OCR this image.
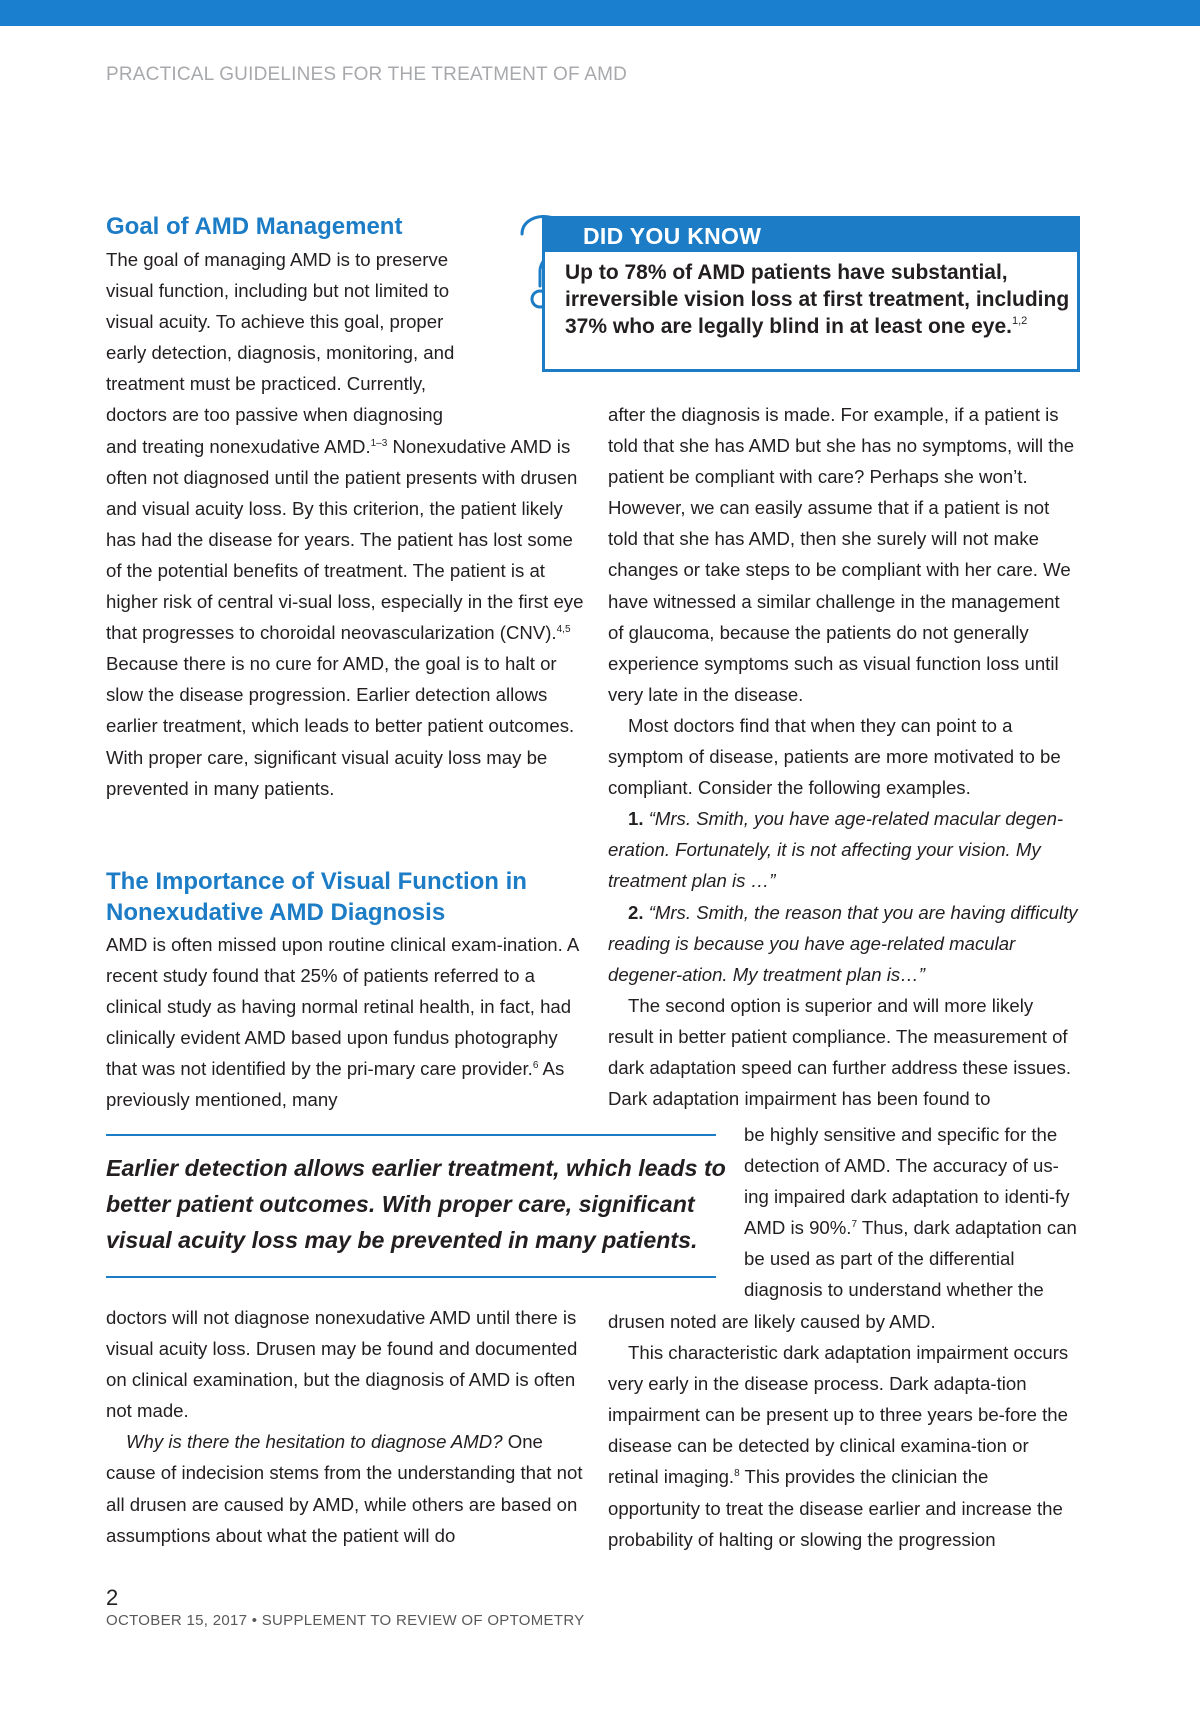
PRACTICAL GUIDELINES FOR THE TREATMENT OF AMD
Goal of AMD Management
The goal of managing AMD is to preserve
visual function, including but not limited to
visual acuity. To achieve this goal, proper
early detection, diagnosis, monitoring, and
treatment must be practiced. Currently,
doctors are too passive when diagnosing

and treating nonexudative AMD.$^{1-3}$ Nonexudative AMD is often not diagnosed until the patient presents with drusen and visual acuity loss. By this criterion, the patient likely has had the disease for years. The patient has lost some of the potential benefits of treatment. The patient is at higher risk of central vi-sual loss, especially in the first eye that progresses to choroidal neovascularization (CNV).$^{4,5}$ Because there is no cure for AMD, the goal is to halt or slow the disease progression. Earlier detection allows earlier treatment, which leads to better patient outcomes. With proper care, significant visual acuity loss may be prevented in many patients.

The Importance of Visual Function in
Nonexudative AMD Diagnosis

AMD is often missed upon routine clinical exam-ination. A recent study found that 25% of patients referred to a clinical study as having normal retinal health, in fact, had clinically evident AMD based upon fundus photography that was not identified by the pri-mary care provider.$^6$ As previously mentioned, many

Earlier detection allows earlier treatment, which leads to better patient outcomes. With proper care, significant visual acuity loss may be prevented in many patients.

doctors will not diagnose nonexudative AMD until there is visual acuity loss. Drusen may be found and documented on clinical examination, but the diagnosis of AMD is often not made.

Why is there the hesitation to diagnose AMD? One cause of indecision stems from the understanding that not all drusen are caused by AMD, while others are based on assumptions about what the patient will do

DID YOU KNOW
Up to 78% of AMD patients have substantial, irreversible vision loss at first treatment, including 37% who are legally blind in at least one eye.$^{1,2}$

after the diagnosis is made. For example, if a patient is told that she has AMD but she has no symptoms, will the patient be compliant with care? Perhaps she won’t. However, we can easily assume that if a patient is not told that she has AMD, then she surely will not make changes or take steps to be compliant with her care. We have witnessed a similar challenge in the management of glaucoma, because the patients do not generally experience symptoms such as visual function loss until very late in the disease.

Most doctors find that when they can point to a symptom of disease, patients are more motivated to be compliant. Consider the following examples.

1. “Mrs. Smith, you have age-related macular degen-eration. Fortunately, it is not affecting your vision. My treatment plan is …”

2. “Mrs. Smith, the reason that you are having difficulty reading is because you have age-related macular degener-ation. My treatment plan is…”

The second option is superior and will more likely result in better patient compliance. The measurement of dark adaptation speed can further address these issues. Dark adaptation impairment has been found to

be highly sensitive and specific for the detection of AMD. The accuracy of us-ing impaired dark adaptation to identi-fy AMD is 90%.$^7$ Thus, dark adaptation can be used as part of the differential diagnosis to understand whether the

drusen noted are likely caused by AMD.

This characteristic dark adaptation impairment occurs very early in the disease process. Dark adapta-tion impairment can be present up to three years be-fore the disease can be detected by clinical examina-tion or retinal imaging.$^8$ This provides the clinician the opportunity to treat the disease earlier and increase the probability of halting or slowing the progression

2
OCTOBER 15, 2017 • SUPPLEMENT TO REVIEW OF OPTOMETRY
